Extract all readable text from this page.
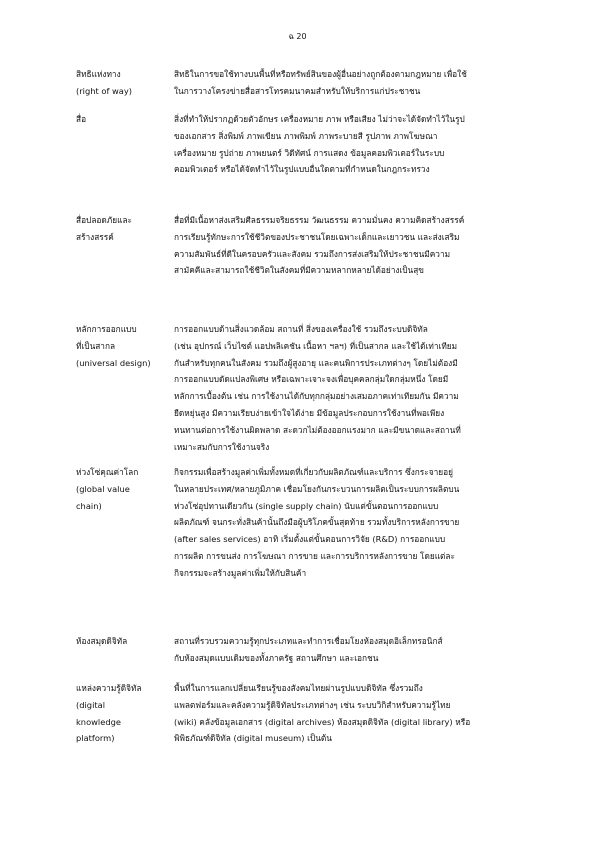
ฉ 20
สิทธิแห่งทาง
(right of way)
สิทธิในการขอใช้ทางบนพื้นที่หรือทรัพย์สินของผู้อื่นอย่างถูกต้องตามกฎหมาย เพื่อใช้
ในการวางโครงข่ายสื่อสารโทรคมนาคมสำหรับให้บริการแก่ประชาชน
สื่อ	สิ่งที่ทำให้ปรากฏด้วยตัวอักษร เครื่องหมาย ภาพ หรือเสียง ไม่ว่าจะได้จัดทำไว้ในรูป
ของเอกสาร สิ่งพิมพ์ ภาพเขียน ภาพพิมพ์ ภาพระบายสี รูปภาพ ภาพโฆษณา
เครื่องหมาย รูปถ่าย ภาพยนตร์ วิดีทัศน์ การแสดง ข้อมูลคอมพิวเตอร์ในระบบ
คอมพิวเตอร์ หรือได้จัดทำไว้ในรูปแบบอื่นใดตามที่กำหนดในกฎกระทรวง
สื่อปลอดภัยและ
สร้างสรรค์
สื่อที่มีเนื้อหาส่งเสริมศีลธรรมจริยธรรม วัฒนธรรม ความมั่นคง ความคิดสร้างสรรค์
การเรียนรู้ทักษะการใช้ชีวิตของประชาชนโดยเฉพาะเด็กและเยาวชน และส่งเสริม
ความสัมพันธ์ที่ดีในครอบครัวและสังคม รวมถึงการส่งเสริมให้ประชาชนมีความ
สามัคคีและสามารถใช้ชีวิตในสังคมที่มีความหลากหลายได้อย่างเป็นสุข
หลักการออกแบบ
ที่เป็นสากล
(universal design)
การออกแบบด้านสิ่งแวดล้อม สถานที่ สิ่งของเครื่องใช้ รวมถึงระบบดิจิทัล
(เช่น อุปกรณ์ เว็บไซต์ แอปพลิเคชัน เนื้อหา ฯลฯ) ที่เป็นสากล และใช้ได้เท่าเทียม
กันสำหรับทุกคนในสังคม รวมถึงผู้สูงอายุ และคนพิการประเภทต่างๆ โดยไม่ต้องมี
การออกแบบดัดแปลงพิเศษ หรือเฉพาะเจาะจงเพื่อบุคคลกลุ่มใดกลุ่มหนึ่ง โดยมี
หลักการเบื้องต้น เช่น การใช้งานได้กับทุกกลุ่มอย่างเสมอภาคเท่าเทียมกัน มีความ
ยืดหยุ่นสูง มีความเรียบง่ายเข้าใจได้ง่าย มีข้อมูลประกอบการใช้งานที่พอเพียง
ทนทานต่อการใช้งานผิดพลาด สะดวกไม่ต้องออกแรงมาก และมีขนาดและสถานที่
เหมาะสมกับการใช้งานจริง
ห่วงโซ่คุณค่าโลก
(global value
chain)
กิจกรรมเพื่อสร้างมูลค่าเพิ่มทั้งหมดที่เกี่ยวกับผลิตภัณฑ์และบริการ ซึ่งกระจายอยู่
ในหลายประเทศ/หลายภูมิภาค เชื่อมโยงกันกระบวนการผลิตเป็นระบบการผลิตบน
ห่วงโซ่อุปทานเดียวกัน (single supply chain) นับแต่ขั้นตอนการออกแบบ
ผลิตภัณฑ์ จนกระทั่งสินค้านั้นถึงมือผู้บริโภคขั้นสุดท้าย รวมทั้งบริการหลังการขาย
(after sales services) อาทิ เริ่มตั้งแต่ขั้นตอนการวิจัย (R&D) การออกแบบ
การผลิต การขนส่ง การโฆษณา การขาย และการบริการหลังการขาย โดยแต่ละ
กิจกรรมจะสร้างมูลค่าเพิ่มให้กับสินค้า
ห้องสมุดดิจิทัล	สถานที่รวบรวมความรู้ทุกประเภทและทำการเชื่อมโยงห้องสมุดอิเล็กทรอนิกส์
กับห้องสมุดแบบเดิมของทั้งภาครัฐ สถานศึกษา และเอกชน
แหล่งความรู้ดิจิทัล
(digital
knowledge
platform)
พื้นที่ในการแลกเปลี่ยนเรียนรู้ของสังคมไทยผ่านรูปแบบดิจิทัล ซึ่งรวมถึง
แพลตฟอร์มและคลังความรู้ดิจิทัลประเภทต่างๆ เช่น ระบบวิกิสำหรับความรู้ไทย
(wiki) คลังข้อมูลเอกสาร (digital archives) ห้องสมุดดิจิทัล (digital library) หรือ
พิพิธภัณฑ์ดิจิทัล (digital museum) เป็นต้น
